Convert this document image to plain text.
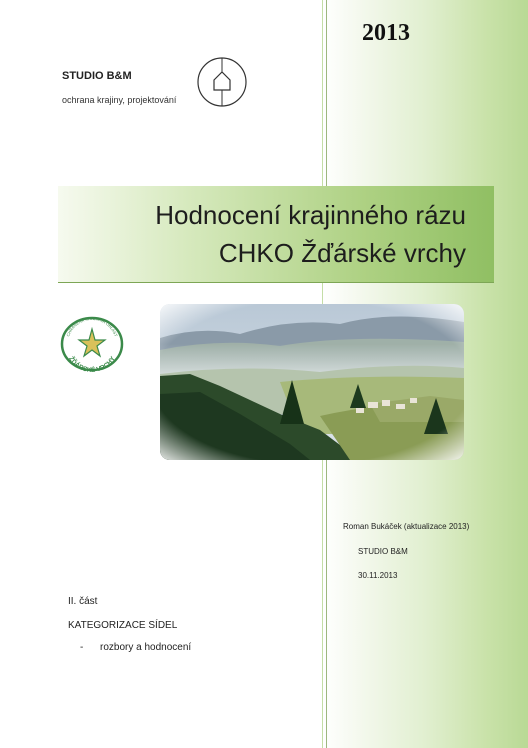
2013
STUDIO B&M
ochrana krajiny, projektování
Hodnocení krajinného rázu
CHKO Žďárské vrchy
CHRÁNĚNÁ KRAJINNÁ OBLAST
ŽĎÁRSKÉ VRCHY
Roman Bukáček (aktualizace 2013)
STUDIO B&M
30.11.2013
II. část
KATEGORIZACE SÍDEL
- rozbory a hodnocení
